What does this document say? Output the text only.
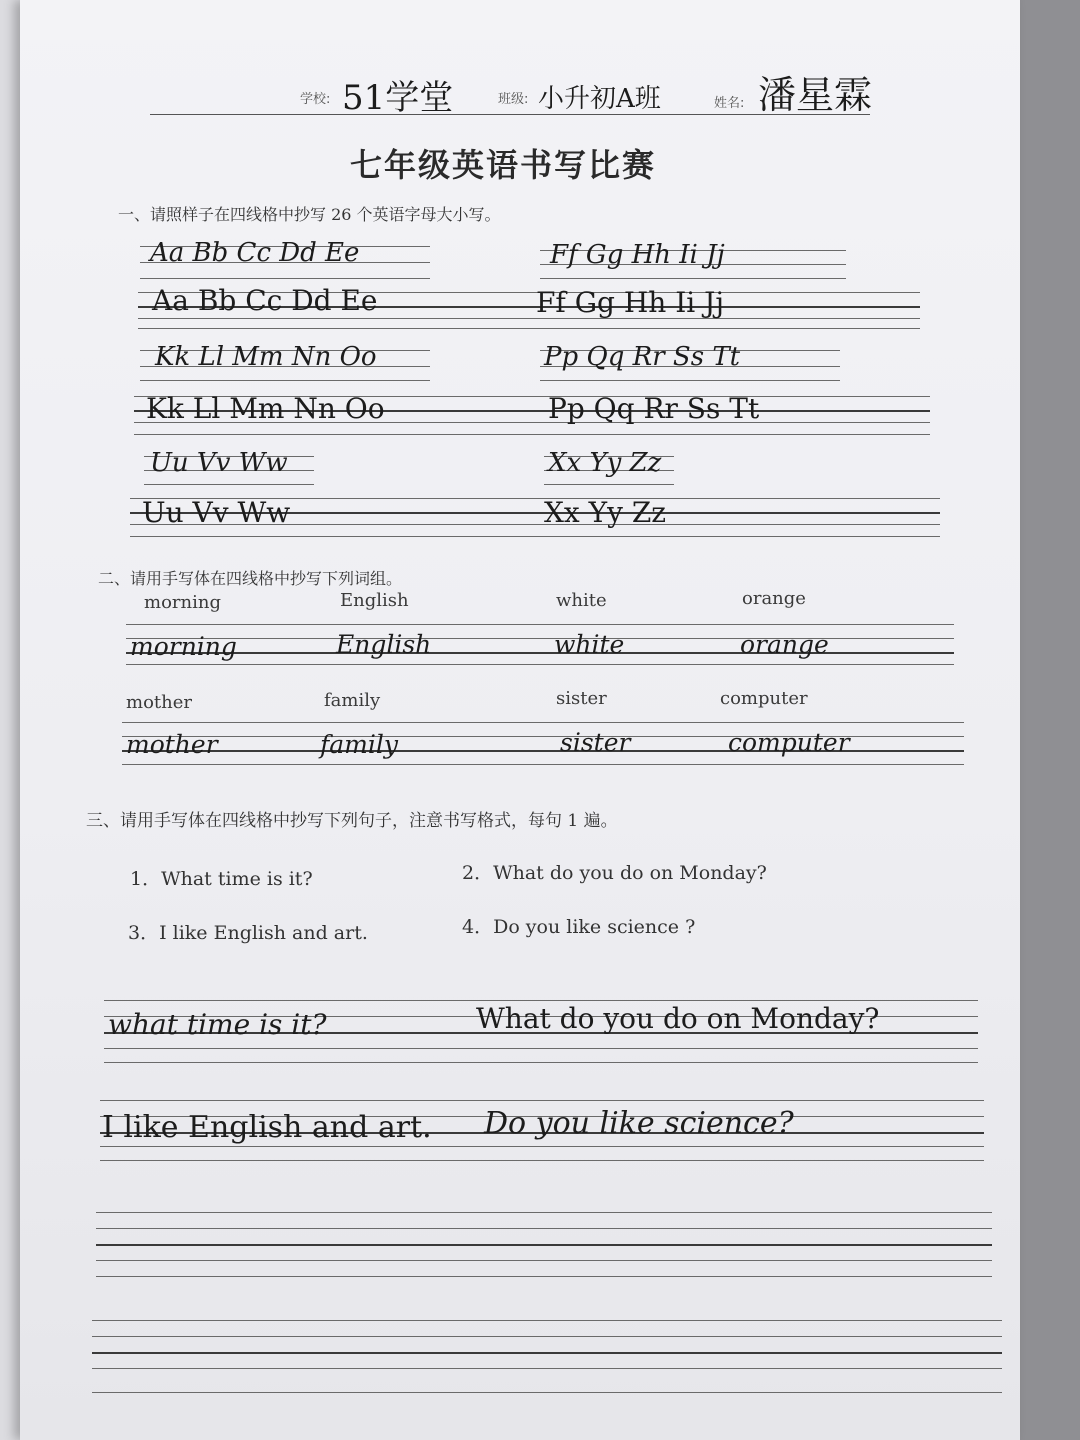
学校: 51学堂	班级: 小升初A班	姓名: 潘星霖
七年级英语书写比赛
一、请照样子在四线格中抄写 26 个英语字母大小写。
Aa Bb Cc Dd Ee	Ff Gg Hh Ii Jj
Aa Bb Cc Dd Ee	Ff Gg Hh Ii Jj
Kk Ll Mm Nn Oo	Pp Qq Rr Ss Tt
Kk Ll Mm Nn Oo	Pp Qq Rr Ss Tt
Uu Vv Ww	Xx Yy Zz
Uu Vv Ww	Xx Yy Zz
二、请用手写体在四线格中抄写下列词组。
morning	English	white	orange
morning	English	white	orange
mother	family	sister	computer
mother	family	sister	computer
三、请用手写体在四线格中抄写下列句子，注意书写格式，每句 1 遍。
1．What time is it?	2．What do you do on Monday?
3．I like English and art.	4．Do you like science ?
what time is it?	What do you do on Monday?
I like English and art. Do you like science?
